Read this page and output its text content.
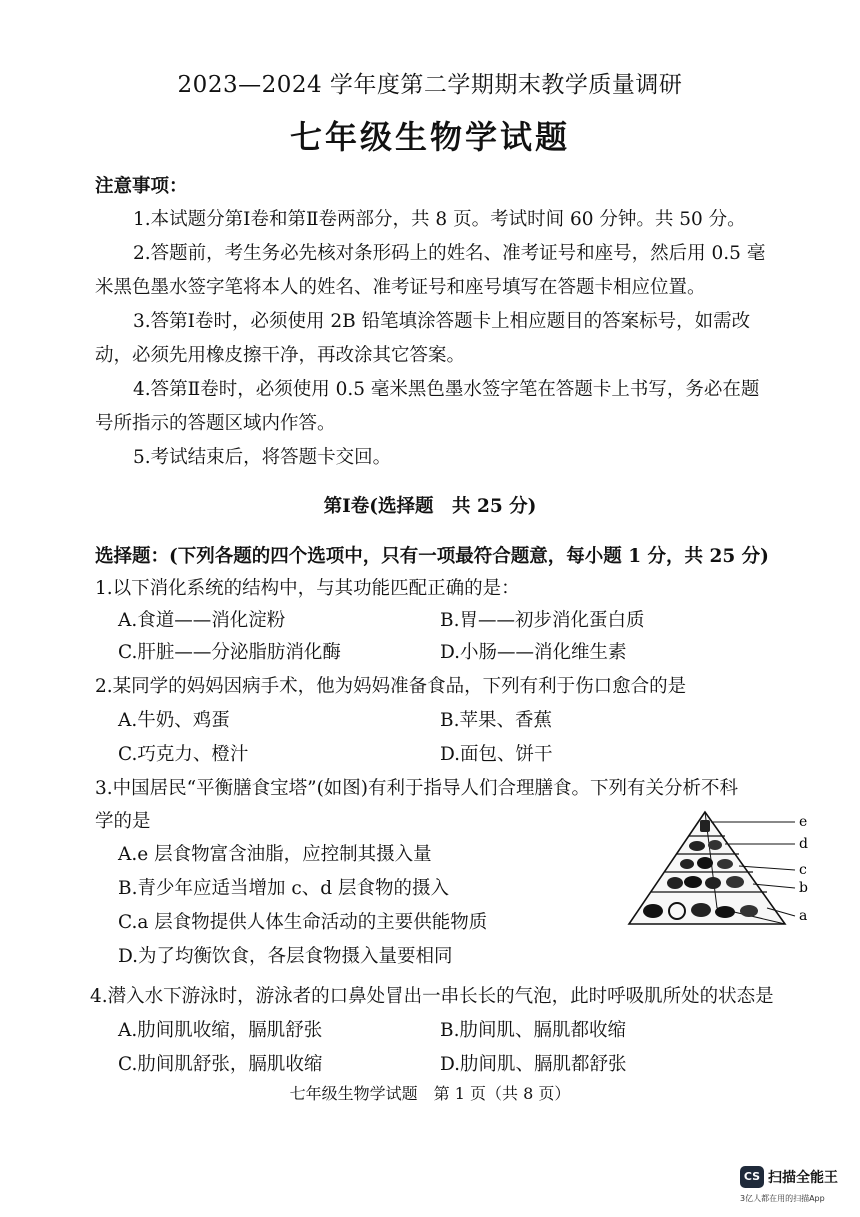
2023—2024 学年度第二学期期末教学质量调研
七年级生物学试题
注意事项：
1.本试题分第Ⅰ卷和第Ⅱ卷两部分，共 8 页。考试时间 60 分钟。共 50 分。
2.答题前，考生务必先核对条形码上的姓名、准考证号和座号，然后用 0.5 毫
米黑色墨水签字笔将本人的姓名、准考证号和座号填写在答题卡相应位置。
3.答第Ⅰ卷时，必须使用 2B 铅笔填涂答题卡上相应题目的答案标号，如需改
动，必须先用橡皮擦干净，再改涂其它答案。
4.答第Ⅱ卷时，必须使用 0.5 毫米黑色墨水签字笔在答题卡上书写，务必在题
号所指示的答题区域内作答。
5.考试结束后，将答题卡交回。
第Ⅰ卷(选择题　共 25 分)
选择题：(下列各题的四个选项中，只有一项最符合题意，每小题 1 分，共 25 分)
1.以下消化系统的结构中，与其功能匹配正确的是：
A.食道——消化淀粉	B.胃——初步消化蛋白质
C.肝脏——分泌脂肪消化酶	D.小肠——消化维生素
2.某同学的妈妈因病手术，他为妈妈准备食品，下列有利于伤口愈合的是
A.牛奶、鸡蛋	B.苹果、香蕉
C.巧克力、橙汁	D.面包、饼干
3.中国居民“平衡膳食宝塔”(如图)有利于指导人们合理膳食。下列有关分析不科
学的是
A.e 层食物富含油脂，应控制其摄入量
B.青少年应适当增加 c、d 层食物的摄入
C.a 层食物提供人体生命活动的主要供能物质
D.为了均衡饮食，各层食物摄入量要相同
e
d
c
b
a
4.潜入水下游泳时，游泳者的口鼻处冒出一串长长的气泡，此时呼吸肌所处的状态是
A.肋间肌收缩，膈肌舒张	B.肋间肌、膈肌都收缩
C.肋间肌舒张，膈肌收缩	D.肋间肌、膈肌都舒张
七年级生物学试题　第 1 页（共 8 页）
CS 扫描全能王
3亿人都在用的扫描App
